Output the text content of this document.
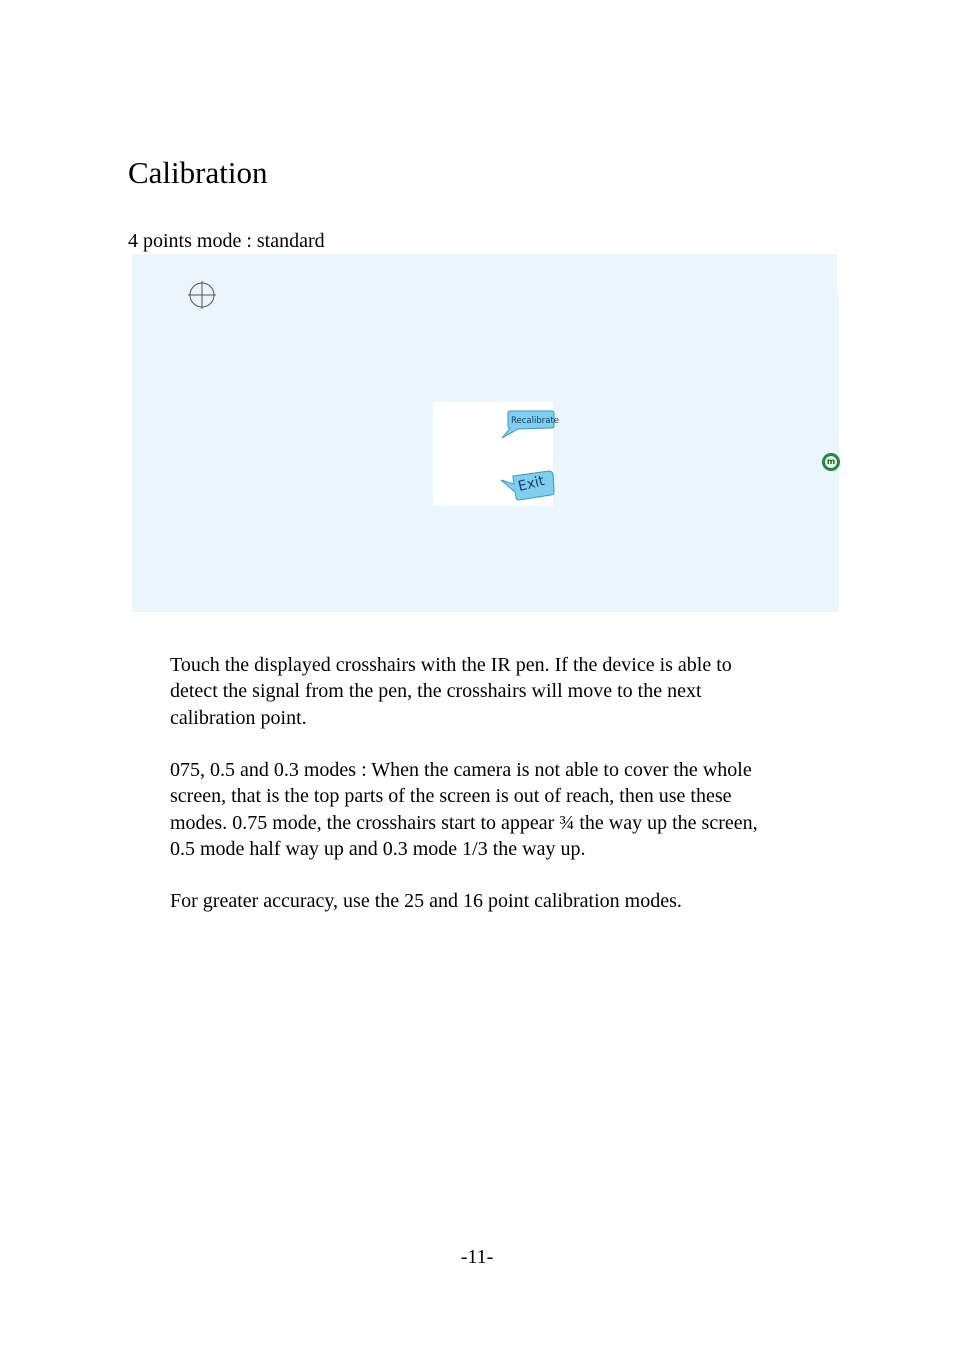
Calibration
4 points mode : standard
Recalibrate
Exit
m

Touch the displayed crosshairs with the IR pen. If the device is able to
detect the signal from the pen, the crosshairs will move to the next
calibration point.

075, 0.5 and 0.3 modes : When the camera is not able to cover the whole
screen, that is the top parts of the screen is out of reach, then use these
modes. 0.75 mode, the crosshairs start to appear ¾ the way up the screen,
0.5 mode half way up and 0.3 mode 1/3 the way up.

For greater accuracy, use the 25 and 16 point calibration modes.

-11-
